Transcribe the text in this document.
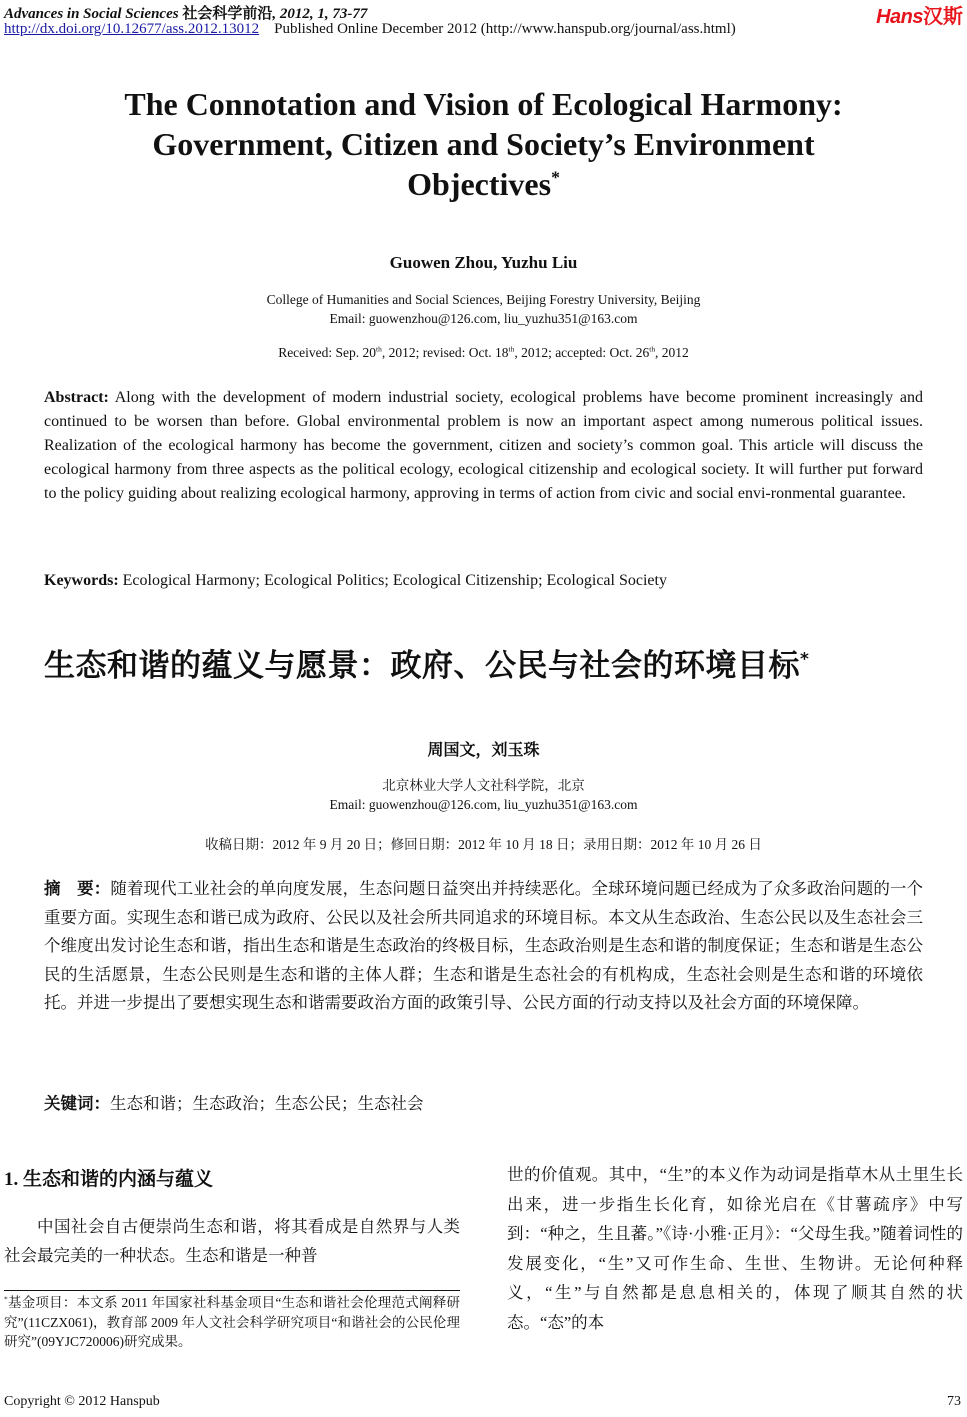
Advances in Social Sciences 社会科学前沿, 2012, 1, 73-77
http://dx.doi.org/10.12677/ass.2012.13012 Published Online December 2012 (http://www.hanspub.org/journal/ass.html)
Hans汉斯
The Connotation and Vision of Ecological Harmony:
Government, Citizen and Society’s Environment
Objectives*
Guowen Zhou, Yuzhu Liu
College of Humanities and Social Sciences, Beijing Forestry University, Beijing
Email: guowenzhou@126.com, liu_yuzhu351@163.com
Received: Sep. 20th, 2012; revised: Oct. 18th, 2012; accepted: Oct. 26th, 2012
Abstract: Along with the development of modern industrial society, ecological problems have become prominent increasingly and continued to be worsen than before. Global environmental problem is now an important aspect among numerous political issues. Realization of the ecological harmony has become the government, citizen and society’s common goal. This article will discuss the ecological harmony from three aspects as the political ecology, ecological citizenship and ecological society. It will further put forward to the policy guiding about realizing ecological harmony, approving in terms of action from civic and social envi-ronmental guarantee.
Keywords: Ecological Harmony; Ecological Politics; Ecological Citizenship; Ecological Society
生态和谐的蕴义与愿景：政府、公民与社会的环境目标*
周国文，刘玉珠
北京林业大学人文社科学院，北京
Email: guowenzhou@126.com, liu_yuzhu351@163.com
收稿日期：2012 年 9 月 20 日；修回日期：2012 年 10 月 18 日；录用日期：2012 年 10 月 26 日
摘　要：随着现代工业社会的单向度发展，生态问题日益突出并持续恶化。全球环境问题已经成为了众多政治问题的一个重要方面。实现生态和谐已成为政府、公民以及社会所共同追求的环境目标。本文从生态政治、生态公民以及生态社会三个维度出发讨论生态和谐，指出生态和谐是生态政治的终极目标，生态政治则是生态和谐的制度保证；生态和谐是生态公民的生活愿景，生态公民则是生态和谐的主体人群；生态和谐是生态社会的有机构成，生态社会则是生态和谐的环境依托。并进一步提出了要想实现生态和谐需要政治方面的政策引导、公民方面的行动支持以及社会方面的环境保障。
关键词：生态和谐；生态政治；生态公民；生态社会
1. 生态和谐的内涵与蕴义

中国社会自古便崇尚生态和谐，将其看成是自然界与人类社会最完美的一种状态。生态和谐是一种普

*基金项目：本文系 2011 年国家社科基金项目“生态和谐社会伦理范式阐释研究”(11CZX061)，教育部 2009 年人文社会科学研究项目“和谐社会的公民伦理研究”(09YJC720006)研究成果。

世的价值观。其中，“生”的本义作为动词是指草木从土里生长出来，进一步指生长化育，如徐光启在《甘薯疏序》中写到：“种之，生且蕃。”《诗·小雅·正月》：“父母生我。”随着词性的发展变化，“生”又可作生命、生世、生物讲。无论何种释义，“生”与自然都是息息相关的，体现了顺其自然的状态。“态”的本

Copyright © 2012 Hanspub	73
